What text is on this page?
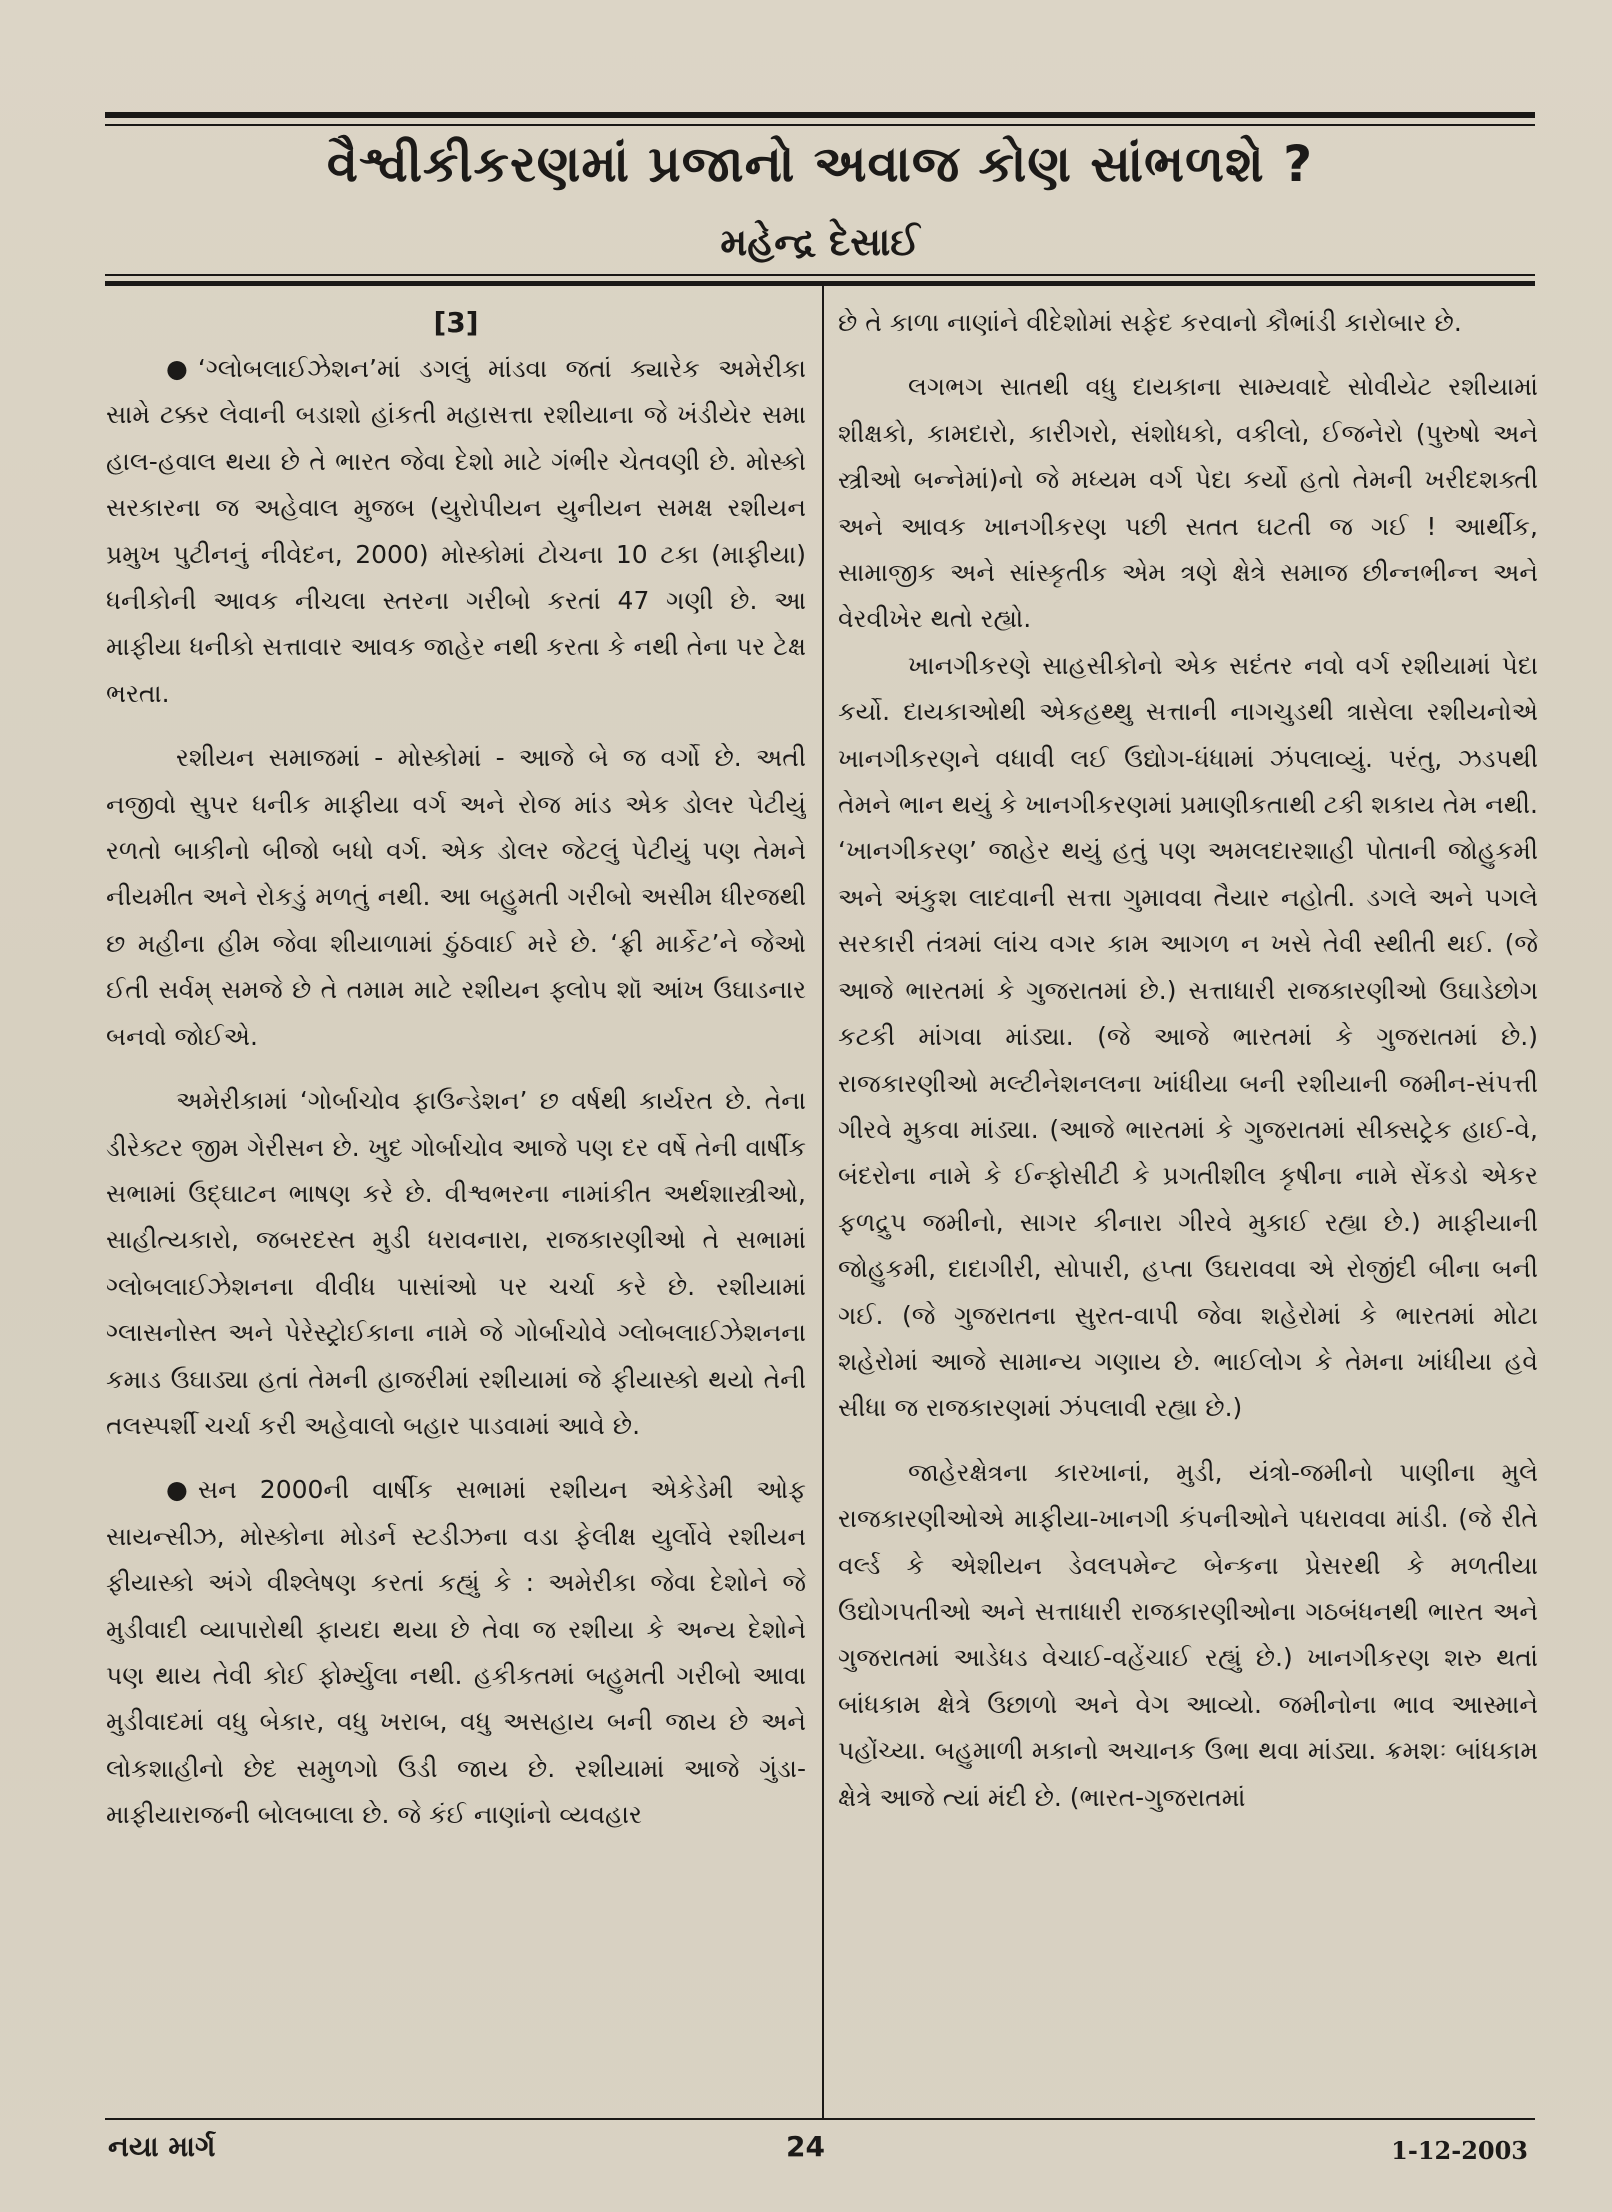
વૈશ્વીકીકરણમાં પ્રજાનો અવાજ કોણ સાંભળશે ?
મહેન્દ્ર દેસાઈ

[3]

● ‘ગ્લોબલાઈઝેશન’માં ડગલું માંડવા જતાં ક્યારેક અમેરીકા સામે ટક્કર લેવાની બડાશો હાંકતી મહાસત્તા રશીયાના જે ખંડીયેર સમા હાલ-હવાલ થયા છે તે ભારત જેવા દેશો માટે ગંભીર ચેતવણી છે. મોસ્કો સરકારના જ અહેવાલ મુજબ (યુરોપીયન યુનીયન સમક્ષ રશીયન પ્રમુખ પુટીનનું નીવેદન, 2000) મોસ્કોમાં ટોચના 10 ટકા (માફીયા) ધનીકોની આવક નીચલા સ્તરના ગરીબો કરતાં 47 ગણી છે. આ માફીયા ધનીકો સત્તાવાર આવક જાહેર નથી કરતા કે નથી તેના પર ટેક્ષ ભરતા.

રશીયન સમાજમાં - મોસ્કોમાં - આજે બે જ વર્ગો છે. અતી નજીવો સુપર ધનીક માફીયા વર્ગ અને રોજ માંડ એક ડોલર પેટીયું રળતો બાકીનો બીજો બધો વર્ગ. એક ડોલર જેટલું પેટીયું પણ તેમને નીયમીત અને રોકડું મળતું નથી. આ બહુમતી ગરીબો અસીમ ધીરજથી છ મહીના હીમ જેવા શીયાળામાં ઠુંઠવાઈ મરે છે. ‘ફ્રી માર્કેટ’ને જેઓ ઈતી સર્વમ્ સમજે છે તે તમામ માટે રશીયન ફ્લોપ શૉ આંખ ઉઘાડનાર બનવો જોઈએ.

અમેરીકામાં ‘ગોર્બાચોવ ફાઉન્ડેશન’ છ વર્ષથી કાર્યરત છે. તેના ડીરેક્ટર જીમ ગેરીસન છે. ખુદ ગોર્બાચોવ આજે પણ દર વર્ષે તેની વાર્ષીક સભામાં ઉદ્ઘાટન ભાષણ કરે છે. વીશ્વભરના નામાંકીત અર્થશાસ્ત્રીઓ, સાહીત્યકારો, જબરદસ્ત મુડી ધરાવનારા, રાજકારણીઓ તે સભામાં ગ્લોબલાઈઝેશનના વીવીધ પાસાંઓ પર ચર્ચા કરે છે. રશીયામાં ગ્લાસનોસ્ત અને પેરેસ્ટ્રોઈકાના નામે જે ગોર્બાચોવે ગ્લોબલાઈઝેશનના કમાડ ઉઘાડ્યા હતાં તેમની હાજરીમાં રશીયામાં જે ફીયાસ્કો થયો તેની તલસ્પર્શી ચર્ચા કરી અહેવાલો બહાર પાડવામાં આવે છે.

● સન 2000ની વાર્ષીક સભામાં રશીયન એકેડેમી ઓફ સાયન્સીઝ, મોસ્કોના મોડર્ન સ્ટડીઝના વડા ફેલીક્ષ યુર્લોવે રશીયન ફીયાસ્કો અંગે વીશ્લેષણ કરતાં કહ્યું કે : અમેરીકા જેવા દેશોને જે મુડીવાદી વ્યાપારોથી ફાયદા થયા છે તેવા જ રશીયા કે અન્ય દેશોને પણ થાય તેવી કોઈ ફોર્મ્યુલા નથી. હકીકતમાં બહુમતી ગરીબો આવા મુડીવાદમાં વધુ બેકાર, વધુ ખરાબ, વધુ અસહાય બની જાય છે અને લોકશાહીનો છેદ સમુળગો ઉડી જાય છે. રશીયામાં આજે ગુંડા-માફીયારાજની બોલબાલા છે. જે કંઈ નાણાંનો વ્યવહાર

છે તે કાળા નાણાંને વીદેશોમાં સફેદ કરવાનો કૌભાંડી કારોબાર છે.

લગભગ સાતથી વધુ દાયકાના સામ્યવાદે સોવીયેટ રશીયામાં શીક્ષકો, કામદારો, કારીગરો, સંશોધકો, વકીલો, ઈજનેરો (પુરુષો અને સ્ત્રીઓ બન્નેમાં)નો જે મધ્યમ વર્ગ પેદા કર્યો હતો તેમની ખરીદશક્તી અને આવક ખાનગીકરણ પછી સતત ઘટતી જ ગઈ ! આર્થીક, સામાજીક અને સાંસ્કૃતીક એમ ત્રણે ક્ષેત્રે સમાજ છીન્નભીન્ન અને વેરવીખેર થતો રહ્યો.

ખાનગીકરણે સાહસીકોનો એક સદંતર નવો વર્ગ રશીયામાં પેદા કર્યો. દાયકાઓથી એકહથ્થુ સત્તાની નાગચુડથી ત્રાસેલા રશીયનોએ ખાનગીકરણને વધાવી લઈ ઉદ્યોગ-ધંધામાં ઝંપલાવ્યું. પરંતુ, ઝડપથી તેમને ભાન થયું કે ખાનગીકરણમાં પ્રમાણીકતાથી ટકી શકાય તેમ નથી. ‘ખાનગીકરણ’ જાહેર થયું હતું પણ અમલદારશાહી પોતાની જોહુકમી અને અંકુશ લાદવાની સત્તા ગુમાવવા તૈયાર નહોતી. ડગલે અને પગલે સરકારી તંત્રમાં લાંચ વગર કામ આગળ ન ખસે તેવી સ્થીતી થઈ. (જે આજે ભારતમાં કે ગુજરાતમાં છે.) સત્તાધારી રાજકારણીઓ ઉઘાડેછોગ કટકી માંગવા માંડ્યા. (જે આજે ભારતમાં કે ગુજરાતમાં છે.) રાજકારણીઓ મલ્ટીનેશનલના ખાંધીયા બની રશીયાની જમીન-સંપત્તી ગીરવે મુકવા માંડ્યા. (આજે ભારતમાં કે ગુજરાતમાં સીક્સટ્રેક હાઈ-વે, બંદરોના નામે કે ઈન્ફોસીટી કે પ્રગતીશીલ કૃષીના નામે સેંકડો એકર ફળદ્રુપ જમીનો, સાગર કીનારા ગીરવે મુકાઈ રહ્યા છે.) માફીયાની જોહુકમી, દાદાગીરી, સોપારી, હપ્તા ઉઘરાવવા એ રોજીંદી બીના બની ગઈ. (જે ગુજરાતના સુરત-વાપી જેવા શહેરોમાં કે ભારતમાં મોટા શહેરોમાં આજે સામાન્ય ગણાય છે. ભાઈલોગ કે તેમના ખાંધીયા હવે સીધા જ રાજકારણમાં ઝંપલાવી રહ્યા છે.)

જાહેરક્ષેત્રના કારખાનાં, મુડી, યંત્રો-જમીનો પાણીના મુલે રાજકારણીઓએ માફીયા-ખાનગી કંપનીઓને પધરાવવા માંડી. (જે રીતે વર્લ્ડ કે એશીયન ડેવલપમેન્ટ બેન્કના પ્રેસરથી કે મળતીયા ઉદ્યોગપતીઓ અને સત્તાધારી રાજકારણીઓના ગઠબંધનથી ભારત અને ગુજરાતમાં આડેધડ વેચાઈ-વહેંચાઈ રહ્યું છે.) ખાનગીકરણ શરુ થતાં બાંધકામ ક્ષેત્રે ઉછાળો અને વેગ આવ્યો. જમીનોના ભાવ આસ્માને પહોંચ્યા. બહુમાળી મકાનો અચાનક ઉભા થવા માંડ્યા. ક્રમશઃ બાંધકામ ક્ષેત્રે આજે ત્યાં મંદી છે. (ભારત-ગુજરાતમાં

નયા માર્ગ	24	1-12-2003
